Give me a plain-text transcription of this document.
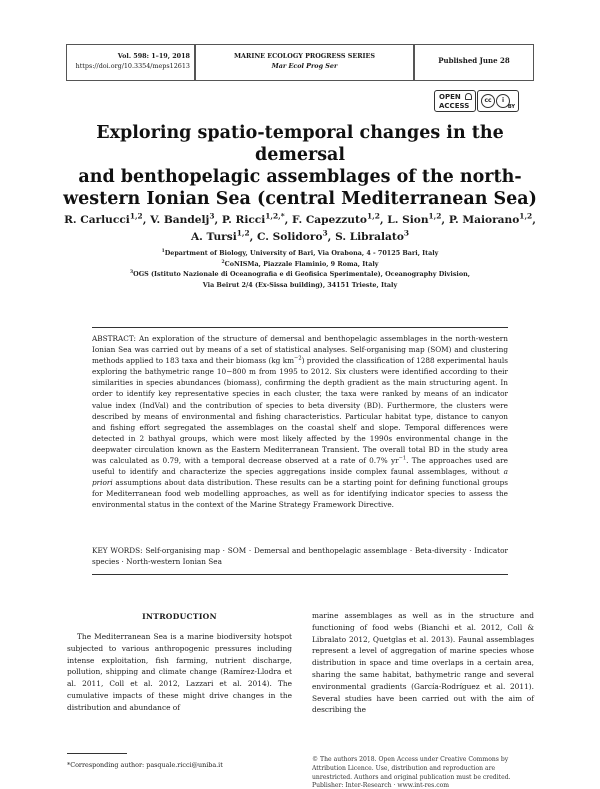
Vol. 598: 1–19, 2018
https://doi.org/10.3354/meps12613
MARINE ECOLOGY PROGRESS SERIES
Mar Ecol Prog Ser
Published June 28
OPEN
ACCESS
cc	i
BY
Exploring spatio-temporal changes in the demersal
and benthopelagic assemblages of the north-
western Ionian Sea (central Mediterranean Sea)
R. Carlucci$^{1,2}$, V. Bandelj$^3$, P. Ricci$^{1,2,*}$, F. Capezzuto$^{1,2}$, L. Sion$^{1,2}$, P. Maiorano$^{1,2}$,
A. Tursi$^{1,2}$, C. Solidoro$^3$, S. Libralato$^3$
$^1$Department of Biology, University of Bari, Via Orabona, 4 - 70125 Bari, Italy
$^2$CoNISMa, Piazzale Flaminio, 9 Roma, Italy
$^3$OGS (Istituto Nazionale di Oceanografia e di Geofisica Sperimentale), Oceanography Division,
Via Beirut 2/4 (Ex-Sissa building), 34151 Trieste, Italy
ABSTRACT: An exploration of the structure of demersal and benthopelagic assemblages in the north-western Ionian Sea was carried out by means of a set of statistical analyses. Self-organising map (SOM) and clustering methods applied to 183 taxa and their biomass (kg $km^{-2}$) provided the classification of 1288 experimental hauls exploring the bathymetric range 10−800 m from 1995 to 2012. Six clusters were identified according to their similarities in species abundances (biomass), confirming the depth gradient as the main structuring agent. In order to identify key representative species in each cluster, the taxa were ranked by means of an indicator value index (IndVal) and the contribution of species to beta diversity (BD). Furthermore, the clusters were described by means of environmental and fishing characteristics. Particular habitat type, distance to canyon and fishing effort segregated the assemblages on the coastal shelf and slope. Temporal differences were detected in 2 bathyal groups, which were most likely affected by the 1990s environmental change in the deepwater circulation known as the Eastern Mediterranean Transient. The overall total BD in the study area was calculated as 0.79, with a temporal decrease observed at a rate of 0.7% $yr^{-1}$. The approaches used are useful to identify and characterize the species aggregations inside complex faunal assemblages, without a priori assumptions about data distribution. These results can be a starting point for defining functional groups for Mediterranean food web modelling approaches, as well as for identifying indicator species to assess the environmental status in the context of the Marine Strategy Framework Directive.
KEY WORDS: Self-organising map · SOM · Demersal and benthopelagic assemblage · Beta-diversity · Indicator species · North-western Ionian Sea
INTRODUCTION
The Mediterranean Sea is a marine biodiversity hotspot subjected to various anthropogenic pressures including intense exploitation, fish farming, nutrient discharge, pollution, shipping and climate change (Ramírez-Llodra et al. 2011, Coll et al. 2012, Lazzari et al. 2014). The cumulative impacts of these might drive changes in the distribution and abundance of
marine assemblages as well as in the structure and functioning of food webs (Bianchi et al. 2012, Coll & Libralato 2012, Quetglas et al. 2013). Faunal assemblages represent a level of aggregation of marine species whose distribution in space and time overlaps in a certain area, sharing the same habitat, bathymetric range and several environmental gradients (García-Rodríguez et al. 2011). Several studies have been carried out with the aim of describing the
*Corresponding author: pasquale.ricci@uniba.it
© The authors 2018. Open Access under Creative Commons by Attribution Licence. Use, distribution and reproduction are unrestricted. Authors and original publication must be credited.
Publisher: Inter-Research · www.int-res.com
